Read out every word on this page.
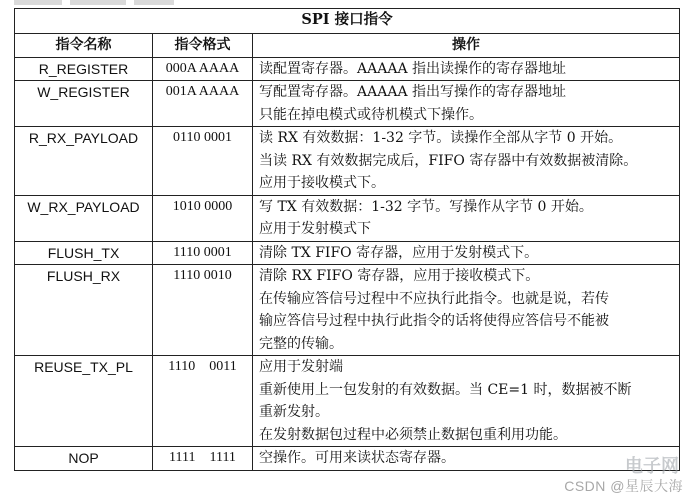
SPI 接口指令		
指令名称	指令格式	操作
R_REGISTER	000A AAAA	读配置寄存器。AAAAA 指出读操作的寄存器地址

W_REGISTER	001A AAAA	写配置寄存器。AAAAA 指出写操作的寄存器地址
只能在掉电模式或待机模式下操作。

R_RX_PAYLOAD	0110 0001	读 RX 有效数据：1-32 字节。读操作全部从字节 0 开始。
当读 RX 有效数据完成后，FIFO 寄存器中有效数据被清除。
应用于接收模式下。

W_RX_PAYLOAD	1010 0000	写 TX 有效数据：1-32 字节。写操作从字节 0 开始。
应用于发射模式下

FLUSH_TX	1110 0001	清除 TX FIFO 寄存器，应用于发射模式下。

FLUSH_RX	1110 0010	清除 RX FIFO 寄存器，应用于接收模式下。
在传输应答信号过程中不应执行此指令。也就是说，若传
输应答信号过程中执行此指令的话将使得应答信号不能被
完整的传输。

REUSE_TX_PL	1110    0011	应用于发射端
重新使用上一包发射的有效数据。当 CE=1 时，数据被不断
重新发射。
在发射数据包过程中必须禁止数据包重利用功能。

NOP	1111    1111	空操作。可用来读状态寄存器。	电子网
CSDN @星辰大海
